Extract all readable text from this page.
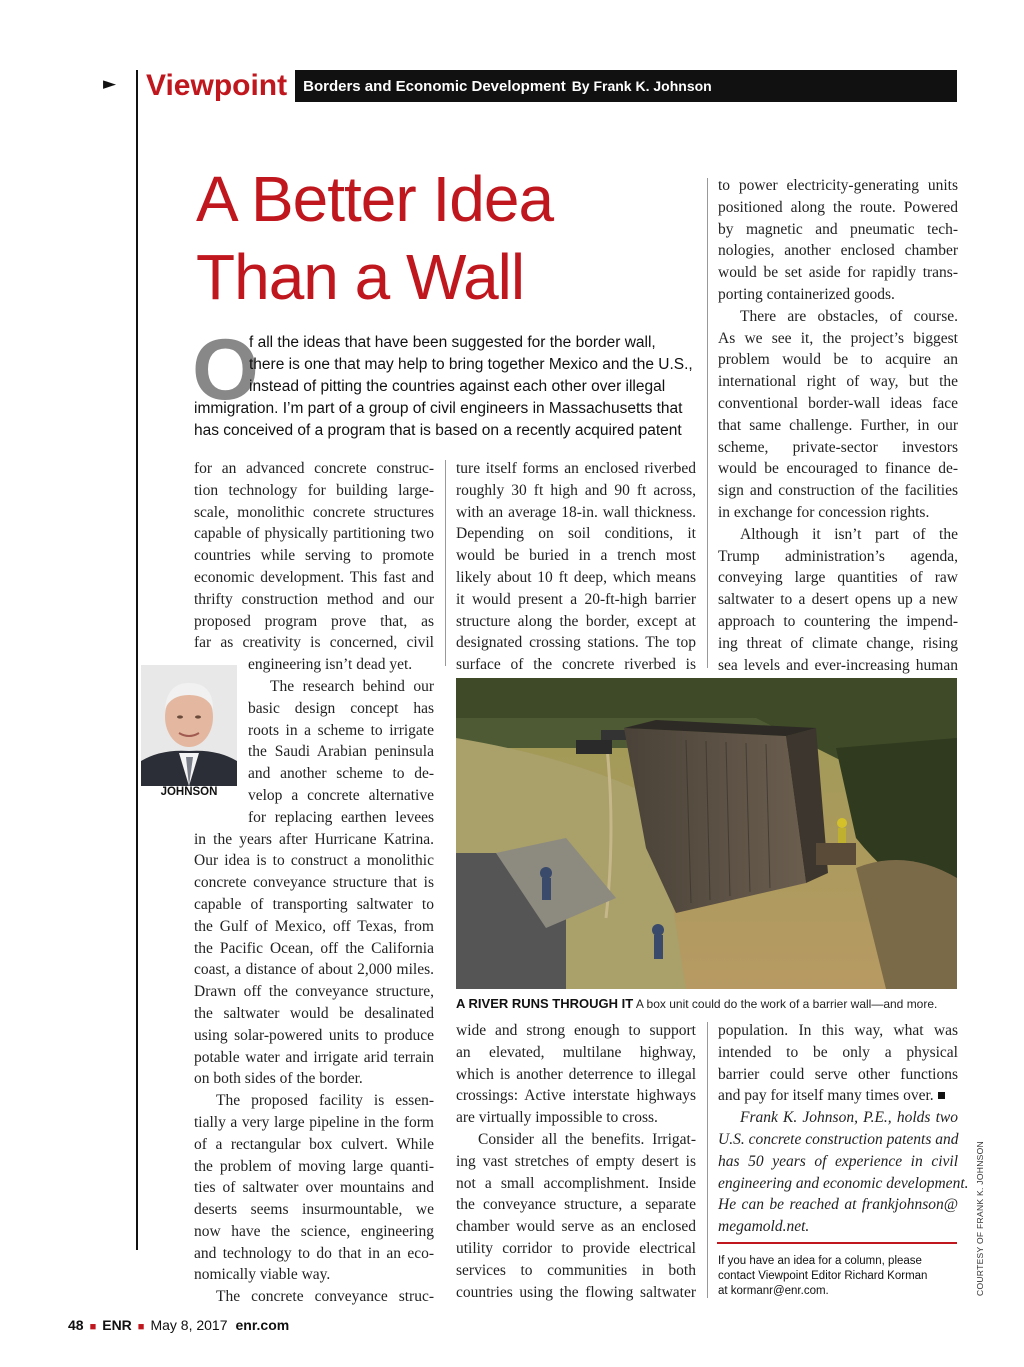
► Viewpoint	Borders and Economic Development By Frank K. Johnson
A Better Idea
Than a Wall
O
f all the ideas that have been suggested for the border wall,
there is one that may help to bring together Mexico and the U.S.,
instead of pitting the countries against each other over illegal
immigration. I’m part of a group of civil engineers in Massachusetts that
has conceived of a program that is based on a recently acquired patent
for an advanced concrete construc-
tion technology for building large-
scale, monolithic concrete structures
capable of physically partitioning two
countries while serving to promote
economic development. This fast and
thrifty construction method and our
proposed program prove that, as
far as creativity is concerned, civil
engineering isn’t dead yet.
The research behind our
basic design concept has
roots in a scheme to irrigate
the Saudi Arabian peninsula
and another scheme to de-
velop a concrete alternative
for replacing earthen levees
in the years after Hurricane Katrina.
Our idea is to construct a monolithic
concrete conveyance structure that is
capable of transporting saltwater to
the Gulf of Mexico, off Texas, from
the Pacific Ocean, off the California
coast, a distance of about 2,000 miles.
Drawn off the conveyance structure,
the saltwater would be desalinated
using solar-powered units to produce
potable water and irrigate arid terrain
on both sides of the border.
The proposed facility is essen-
tially a very large pipeline in the form
of a rectangular box culvert. While
the problem of moving large quanti-
ties of saltwater over mountains and
deserts seems insurmountable, we
now have the science, engineering
and technology to do that in an eco-
nomically viable way.
The concrete conveyance struc-
JOHNSON
ture itself forms an enclosed riverbed
roughly 30 ft high and 90 ft across,
with an average 18-in. wall thickness.
Depending on soil conditions, it
would be buried in a trench most
likely about 10 ft deep, which means
it would present a 20-ft-high barrier
structure along the border, except at
designated crossing stations. The top
surface of the concrete riverbed is
to power electricity-generating units
positioned along the route. Powered
by magnetic and pneumatic tech-
nologies, another enclosed chamber
would be set aside for rapidly trans-
porting containerized goods.
There are obstacles, of course.
As we see it, the project’s biggest
problem would be to acquire an
international right of way, but the
conventional border-wall ideas face
that same challenge. Further, in our
scheme, private-sector investors
would be encouraged to finance de-
sign and construction of the facilities
in exchange for concession rights.
Although it isn’t part of the
Trump administration’s agenda,
conveying large quantities of raw
saltwater to a desert opens up a new
approach to countering the impend-
ing threat of climate change, rising
sea levels and ever-increasing human
A RIVER RUNS THROUGH IT A box unit could do the work of a barrier wall—and more.
wide and strong enough to support
an elevated, multilane highway,
which is another deterrence to illegal
crossings: Active interstate highways
are virtually impossible to cross.
Consider all the benefits. Irrigat-
ing vast stretches of empty desert is
not a small accomplishment. Inside
the conveyance structure, a separate
chamber would serve as an enclosed
utility corridor to provide electrical
services to communities in both
countries using the flowing saltwater
population. In this way, what was
intended to be only a physical
barrier could serve other functions
and pay for itself many times over.
Frank K. Johnson, P.E., holds two
U.S. concrete construction patents and
has 50 years of experience in civil
engineering and economic development.
He can be reached at frankjohnson@
megamold.net.
If you have an idea for a column, please
contact Viewpoint Editor Richard Korman
at kormanr@enr.com.	COURTESY OF FRANK K. JOHNSON
48 ■ ENR ■ May 8, 2017 enr.com
